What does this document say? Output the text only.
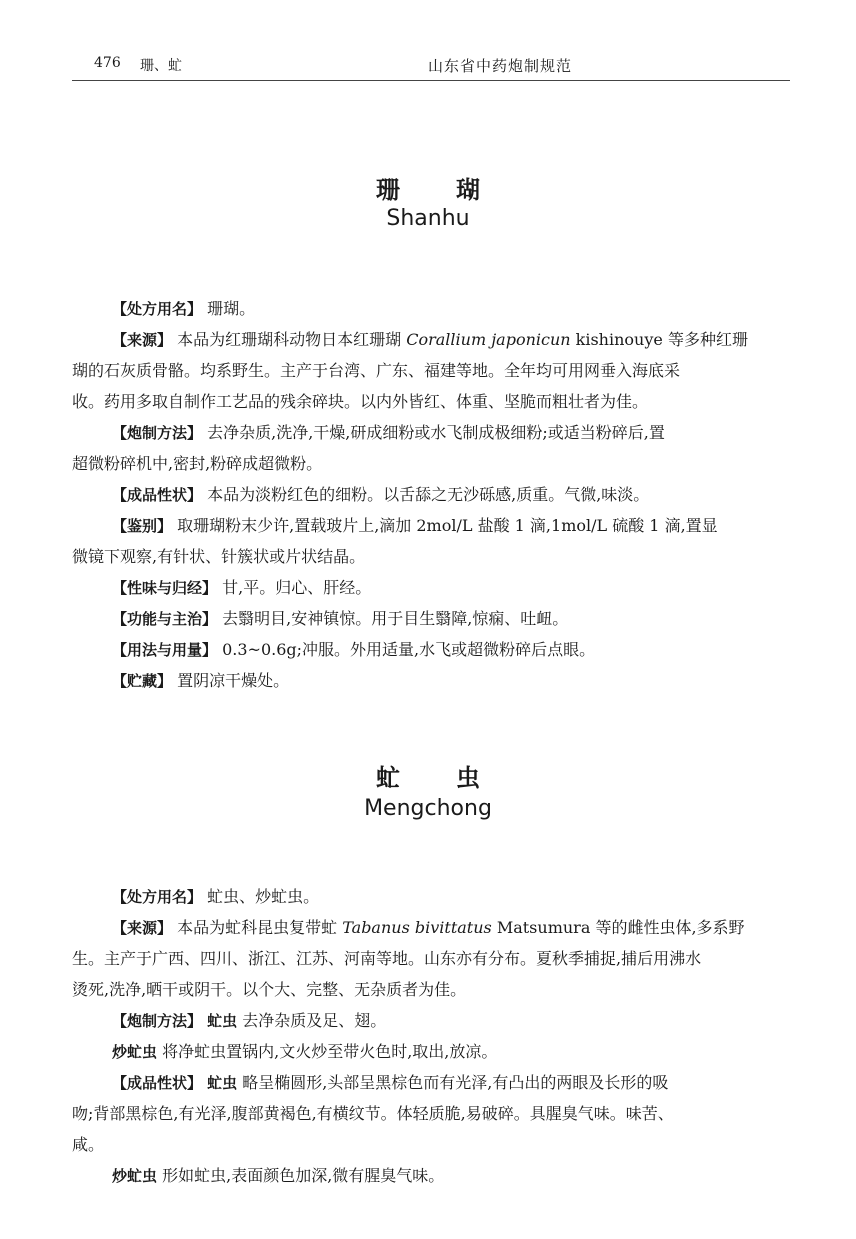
476 珊、虻	山东省中药炮制规范
珊 瑚
Shanhu
【处方用名】 珊瑚。
【来源】 本品为红珊瑚科动物日本红珊瑚 Corallium japonicun kishinouye 等多种红珊
瑚的石灰质骨骼。均系野生。主产于台湾、广东、福建等地。全年均可用网垂入海底采
收。药用多取自制作工艺品的残余碎块。以内外皆红、体重、坚脆而粗壮者为佳。
【炮制方法】 去净杂质,洗净,干燥,研成细粉或水飞制成极细粉;或适当粉碎后,置
超微粉碎机中,密封,粉碎成超微粉。
【成品性状】 本品为淡粉红色的细粉。以舌舔之无沙砾感,质重。气微,味淡。
【鉴别】 取珊瑚粉末少许,置载玻片上,滴加 2mol/L 盐酸 1 滴,1mol/L 硫酸 1 滴,置显
微镜下观察,有针状、针簇状或片状结晶。
【性味与归经】 甘,平。归心、肝经。
【功能与主治】 去翳明目,安神镇惊。用于目生翳障,惊痫、吐衄。
【用法与用量】 0.3~0.6g;冲服。外用适量,水飞或超微粉碎后点眼。
【贮藏】 置阴凉干燥处。
虻 虫
Mengchong
【处方用名】 虻虫、炒虻虫。
【来源】 本品为虻科昆虫复带虻 Tabanus bivittatus Matsumura 等的雌性虫体,多系野
生。主产于广西、四川、浙江、江苏、河南等地。山东亦有分布。夏秋季捕捉,捕后用沸水
烫死,洗净,晒干或阴干。以个大、完整、无杂质者为佳。
【炮制方法】 虻虫 去净杂质及足、翅。
炒虻虫 将净虻虫置锅内,文火炒至带火色时,取出,放凉。
【成品性状】 虻虫 略呈椭圆形,头部呈黑棕色而有光泽,有凸出的两眼及长形的吸
吻;背部黑棕色,有光泽,腹部黄褐色,有横纹节。体轻质脆,易破碎。具腥臭气味。味苦、
咸。
炒虻虫 形如虻虫,表面颜色加深,微有腥臭气味。
